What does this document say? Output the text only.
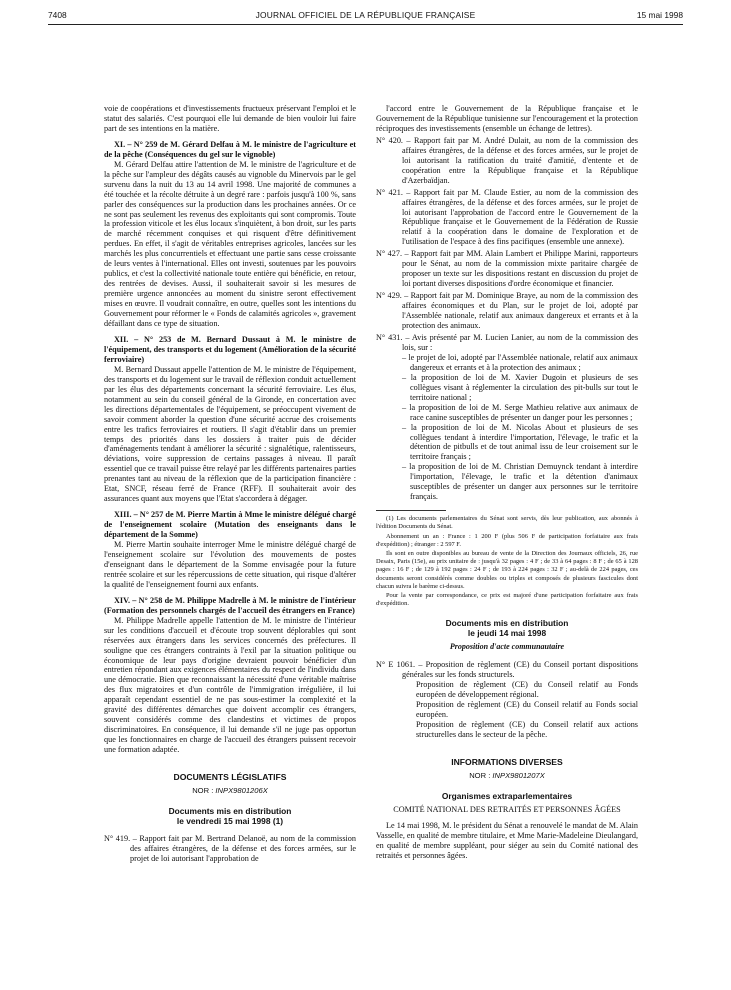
7408	JOURNAL OFFICIEL DE LA RÉPUBLIQUE FRANÇAISE	15 mai 1998

voie de coopérations et d'investissements fructueux préservant l'emploi et le statut des salariés. C'est pourquoi elle lui demande de bien vouloir lui faire part de ses intentions en la matière.

XI. – N° 259 de M. Gérard Delfau à M. le ministre de l'agriculture et de la pêche (Conséquences du gel sur le vignoble)

M. Gérard Delfau attire l'attention de M. le ministre de l'agriculture et de la pêche sur l'ampleur des dégâts causés au vignoble du Minervois par le gel survenu dans la nuit du 13 au 14 avril 1998. Une majorité de communes a été touchée et la récolte détruite à un degré rare : parfois jusqu'à 100 %, sans parler des conséquences sur la production dans les prochaines années. Or ce ne sont pas seulement les revenus des exploitants qui sont compromis. Toute la profession viticole et les élus locaux s'inquiètent, à bon droit, sur les parts de marché récemment conquises et qui risquent d'être définitivement perdues. En effet, il s'agit de véritables entreprises agricoles, lancées sur les marchés les plus concurrentiels et effectuant une partie sans cesse croissante de leurs ventes à l'international. Elles ont investi, soutenues par les pouvoirs publics, et c'est la collectivité nationale toute entière qui bénéficie, en retour, des rentrées de devises. Aussi, il souhaiterait savoir si les mesures de première urgence annoncées au moment du sinistre seront effectivement mises en œuvre. Il voudrait connaître, en outre, quelles sont les intentions du Gouvernement pour réformer le « Fonds de calamités agricoles », gravement défaillant dans ce type de situation.

XII. – N° 253 de M. Bernard Dussaut à M. le ministre de l'équipement, des transports et du logement (Amélioration de la sécurité ferroviaire)

M. Bernard Dussaut appelle l'attention de M. le ministre de l'équipement, des transports et du logement sur le travail de réflexion conduit actuellement par les élus des départements concernant la sécurité ferroviaire. Les élus, notamment au sein du conseil général de la Gironde, en concertation avec les directions départementales de l'équipement, se préoccupent vivement de savoir comment aborder la question d'une sécurité accrue des croisements entre les trafics ferroviaires et routiers. Il s'agit d'établir dans un premier temps des priorités dans les dossiers à traiter puis de décider d'aménagements tendant à améliorer la sécurité : signalétique, ralentisseurs, déviations, voire suppression de certains passages à niveau. Il paraît essentiel que ce travail puisse être relayé par les différents partenaires parties prenantes tant au niveau de la réflexion que de la participation financière : Etat, SNCF, réseau ferré de France (RFF). Il souhaiterait avoir des assurances quant aux moyens que l'Etat s'accordera à dégager.

XIII. – N° 257 de M. Pierre Martin à Mme le ministre délégué chargé de l'enseignement scolaire (Mutation des enseignants dans le département de la Somme)

M. Pierre Martin souhaite interroger Mme le ministre délégué chargé de l'enseignement scolaire sur l'évolution des mouvements de postes d'enseignant dans le département de la Somme envisagée pour la future rentrée scolaire et sur les répercussions de cette situation, qui risque d'altérer la qualité de l'enseignement fourni aux enfants.

XIV. – N° 258 de M. Philippe Madrelle à M. le ministre de l'intérieur (Formation des personnels chargés de l'accueil des étrangers en France)

M. Philippe Madrelle appelle l'attention de M. le ministre de l'intérieur sur les conditions d'accueil et d'écoute trop souvent déplorables qui sont réservées aux étrangers dans les services concernés des préfectures. Il souligne que ces étrangers contraints à l'exil par la situation politique ou économique de leur pays d'origine devraient pouvoir bénéficier d'un entretien répondant aux exigences élémentaires du respect de l'individu dans une démocratie. Bien que reconnaissant la nécessité d'une véritable maîtrise des flux migratoires et d'un contrôle de l'immigration irrégulière, il lui apparaît cependant essentiel de ne pas sous-estimer la complexité et la gravité des différentes démarches que doivent accomplir ces étrangers, souvent considérés comme des clandestins et victimes de propos discriminatoires. En conséquence, il lui demande s'il ne juge pas opportun que les fonctionnaires en charge de l'accueil des étrangers puissent recevoir une formation adaptée.

DOCUMENTS LÉGISLATIFS

NOR : INPX9801206X

Documents mis en distribution

le vendredi 15 mai 1998 (1)

N° 419. – Rapport fait par M. Bertrand Delanoë, au nom de la commission des affaires étrangères, de la défense et des forces armées, sur le projet de loi autorisant l'approbation de

l'accord entre le Gouvernement de la République française et le Gouvernement de la République tunisienne sur l'encouragement et la protection réciproques des investissements (ensemble un échange de lettres).

N° 420. – Rapport fait par M. André Dulait, au nom de la commission des affaires étrangères, de la défense et des forces armées, sur le projet de loi autorisant la ratification du traité d'amitié, d'entente et de coopération entre la République française et la République d'Azerbaïdjan.

N° 421. – Rapport fait par M. Claude Estier, au nom de la commission des affaires étrangères, de la défense et des forces armées, sur le projet de loi autorisant l'approbation de l'accord entre le Gouvernement de la République française et le Gouvernement de la Fédération de Russie relatif à la coopération dans le domaine de l'exploration et de l'utilisation de l'espace à des fins pacifiques (ensemble une annexe).

N° 427. – Rapport fait par MM. Alain Lambert et Philippe Marini, rapporteurs pour le Sénat, au nom de la commission mixte paritaire chargée de proposer un texte sur les dispositions restant en discussion du projet de loi portant diverses dispositions d'ordre économique et financier.

N° 429. – Rapport fait par M. Dominique Braye, au nom de la commission des affaires économiques et du Plan, sur le projet de loi, adopté par l'Assemblée nationale, relatif aux animaux dangereux et errants et à la protection des animaux.

N° 431. – Avis présenté par M. Lucien Lanier, au nom de la commission des lois, sur :

– le projet de loi, adopté par l'Assemblée nationale, relatif aux animaux dangereux et errants et à la protection des animaux ;

– la proposition de loi de M. Xavier Dugoin et plusieurs de ses collègues visant à réglementer la circulation des pit-bulls sur tout le territoire national ;

– la proposition de loi de M. Serge Mathieu relative aux animaux de race canine susceptibles de présenter un danger pour les personnes ;

– la proposition de loi de M. Nicolas About et plusieurs de ses collègues tendant à interdire l'importation, l'élevage, le trafic et la détention de pitbulls et de tout animal issu de leur croisement sur le territoire français ;

– la proposition de loi de M. Christian Demuynck tendant à interdire l'importation, l'élevage, le trafic et la détention d'animaux susceptibles de présenter un danger aux personnes sur le territoire français.

(1) Les documents parlementaires du Sénat sont servis, dès leur publication, aux abonnés à l'édition Documents du Sénat.

Abonnement un an : France : 1 200 F (plus 506 F de participation forfaitaire aux frais d'expédition) ; étranger : 2 597 F.

Ils sont en outre disponibles au bureau de vente de la Direction des Journaux officiels, 26, rue Desaix, Paris (15e), au prix unitaire de : jusqu'à 32 pages : 4 F ; de 33 à 64 pages : 8 F ; de 65 à 128 pages : 16 F ; de 129 à 192 pages : 24 F ; de 193 à 224 pages : 32 F ; au-delà de 224 pages, ces documents seront considérés comme doubles ou triples et composés de plusieurs fascicules dont chacun suivra le barème ci-dessus.

Pour la vente par correspondance, ce prix est majoré d'une participation forfaitaire aux frais d'expédition.

Documents mis en distribution

le jeudi 14 mai 1998

Proposition d'acte communautaire

N° E 1061. – Proposition de règlement (CE) du Conseil portant dispositions générales sur les fonds structurels.

Proposition de règlement (CE) du Conseil relatif au Fonds européen de développement régional.

Proposition de règlement (CE) du Conseil relatif au Fonds social européen.

Proposition de règlement (CE) du Conseil relatif aux actions structurelles dans le secteur de la pêche.

INFORMATIONS DIVERSES

NOR : INPX9801207X

Organismes extraparlementaires

COMITÉ NATIONAL DES RETRAITÉS ET PERSONNES ÂGÉES

Le 14 mai 1998, M. le président du Sénat a renouvelé le mandat de M. Alain Vasselle, en qualité de membre titulaire, et Mme Marie-Madeleine Dieulangard, en qualité de membre suppléant, pour siéger au sein du Comité national des retraités et personnes âgées.
